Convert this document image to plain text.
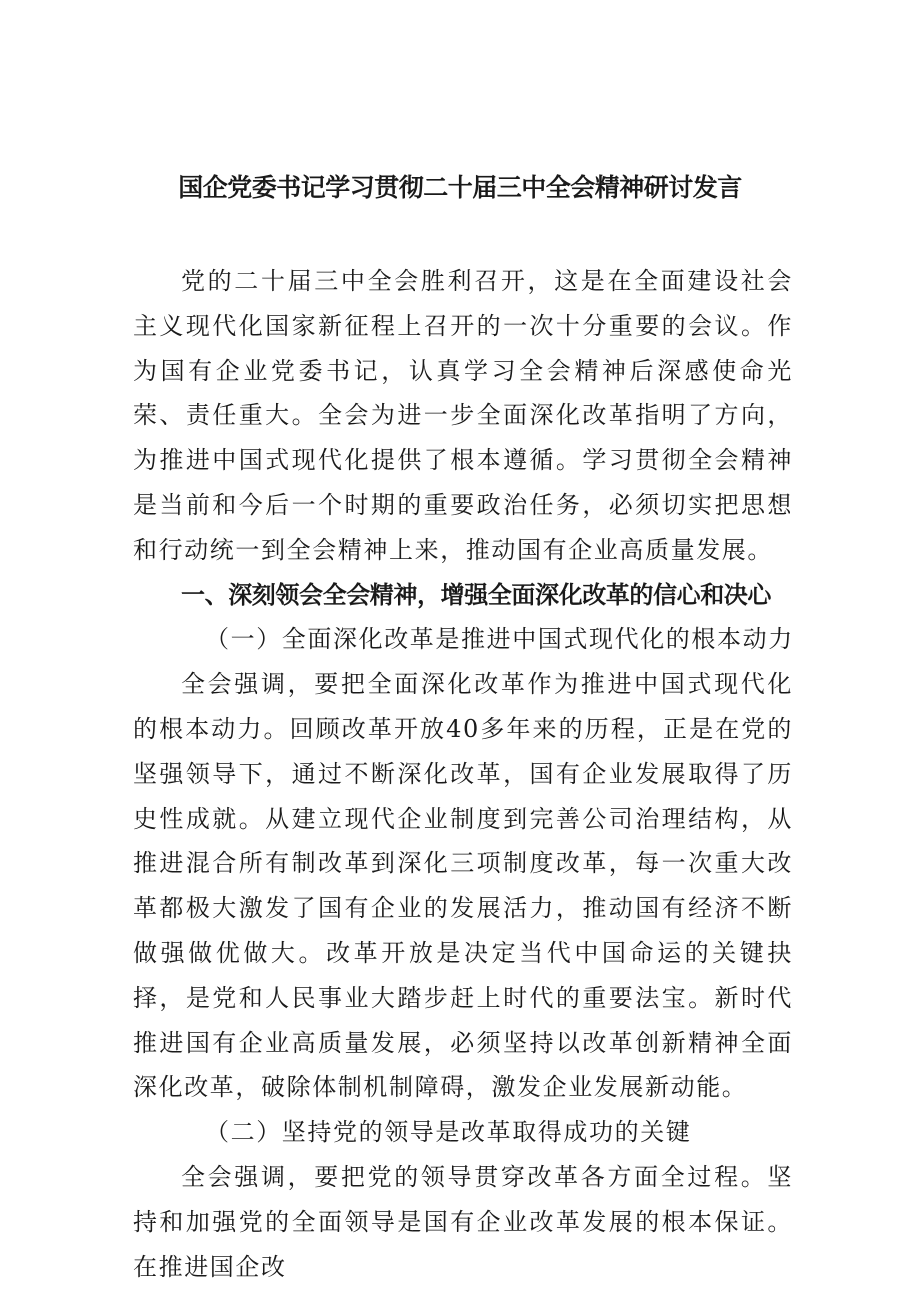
国企党委书记学习贯彻二十届三中全会精神研讨发言

党的二十届三中全会胜利召开，这是在全面建设社会主义现代化国家新征程上召开的一次十分重要的会议。作为国有企业党委书记，认真学习全会精神后深感使命光荣、责任重大。全会为进一步全面深化改革指明了方向，为推进中国式现代化提供了根本遵循。学习贯彻全会精神是当前和今后一个时期的重要政治任务，必须切实把思想和行动统一到全会精神上来，推动国有企业高质量发展。

一、深刻领会全会精神，增强全面深化改革的信心和决心

（一）全面深化改革是推进中国式现代化的根本动力

全会强调，要把全面深化改革作为推进中国式现代化的根本动力。回顾改革开放40多年来的历程，正是在党的坚强领导下，通过不断深化改革，国有企业发展取得了历史性成就。从建立现代企业制度到完善公司治理结构，从推进混合所有制改革到深化三项制度改革，每一次重大改革都极大激发了国有企业的发展活力，推动国有经济不断做强做优做大。改革开放是决定当代中国命运的关键抉择，是党和人民事业大踏步赶上时代的重要法宝。新时代推进国有企业高质量发展，必须坚持以改革创新精神全面深化改革，破除体制机制障碍，激发企业发展新动能。

（二）坚持党的领导是改革取得成功的关键

全会强调，要把党的领导贯穿改革各方面全过程。坚持和加强党的全面领导是国有企业改革发展的根本保证。在推进国企改
